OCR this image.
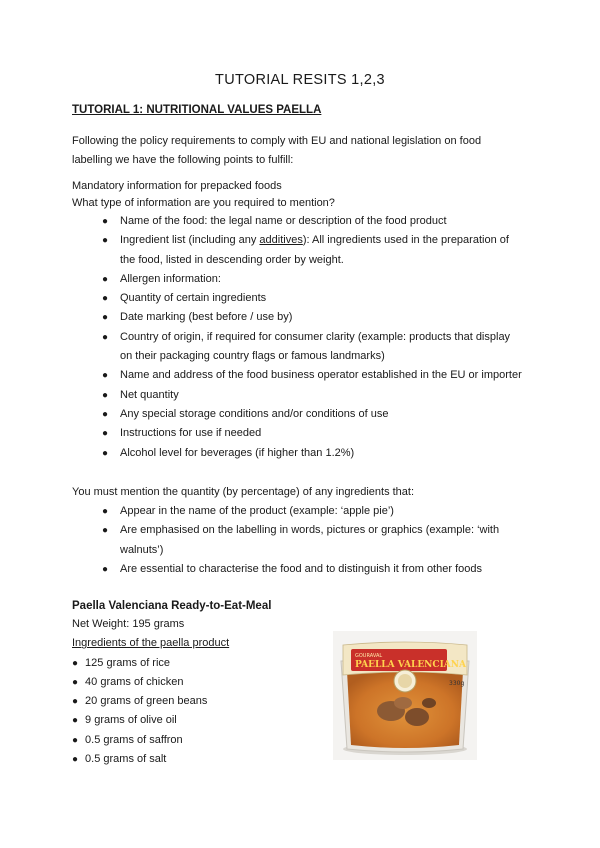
TUTORIAL RESITS 1,2,3
TUTORIAL 1: NUTRITIONAL VALUES PAELLA
Following the policy requirements to comply with EU and national legislation on food
labelling we have the following points to fulfill:
Mandatory information for prepacked foods
What type of information are you required to mention?
●	Name of the food: the legal name or description of the food product
●	Ingredient list (including any additives): All ingredients used in the preparation of
the food, listed in descending order by weight.
●	Allergen information:
●	Quantity of certain ingredients
●	Date marking (best before / use by)
●	Country of origin, if required for consumer clarity (example: products that display
on their packaging country flags or famous landmarks)
●	Name and address of the food business operator established in the EU or importer
●	Net quantity
●	Any special storage conditions and/or conditions of use
●	Instructions for use if needed
●	Alcohol level for beverages (if higher than 1.2%)
You must mention the quantity (by percentage) of any ingredients that:
●	Appear in the name of the product (example: ‘apple pie’)
●	Are emphasised on the labelling in words, pictures or graphics (example: ‘with
walnuts’)
●	Are essential to characterise the food and to distinguish it from other foods
Paella Valenciana Ready-to-Eat-Meal
Net Weight: 195 grams
Ingredients of the paella product
● 125 grams of rice
● 40 grams of chicken
● 20 grams of green beans
● 9 grams of olive oil
● 0.5 grams of saffron
● 0.5 grams of salt
GOURAVAL
PAELLA VALENCIANA
330g
